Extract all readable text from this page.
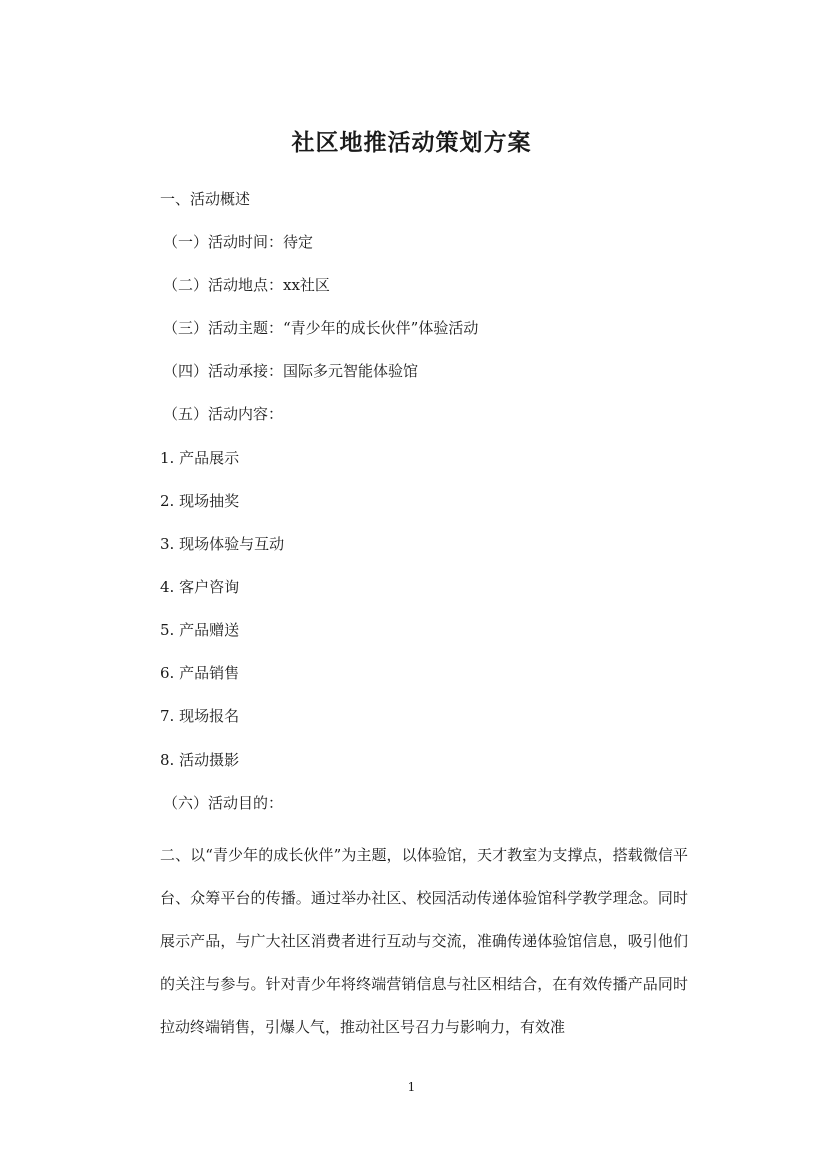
社区地推活动策划方案
一、活动概述
（一）活动时间：待定
（二）活动地点：xx社区
（三）活动主题：“青少年的成长伙伴”体验活动
（四）活动承接：国际多元智能体验馆
（五）活动内容：
1. 产品展示
2. 现场抽奖
3. 现场体验与互动
4. 客户咨询
5. 产品赠送
6. 产品销售
7. 现场报名
8. 活动摄影
（六）活动目的：

二、以“青少年的成长伙伴”为主题，以体验馆，天才教室为支撑点，搭载微信平台、众筹平台的传播。通过举办社区、校园活动传递体验馆科学教学理念。同时展示产品，与广大社区消费者进行互动与交流，准确传递体验馆信息，吸引他们的关注与参与。针对青少年将终端营销信息与社区相结合，在有效传播产品同时拉动终端销售，引爆人气，推动社区号召力与影响力，有效准

1
